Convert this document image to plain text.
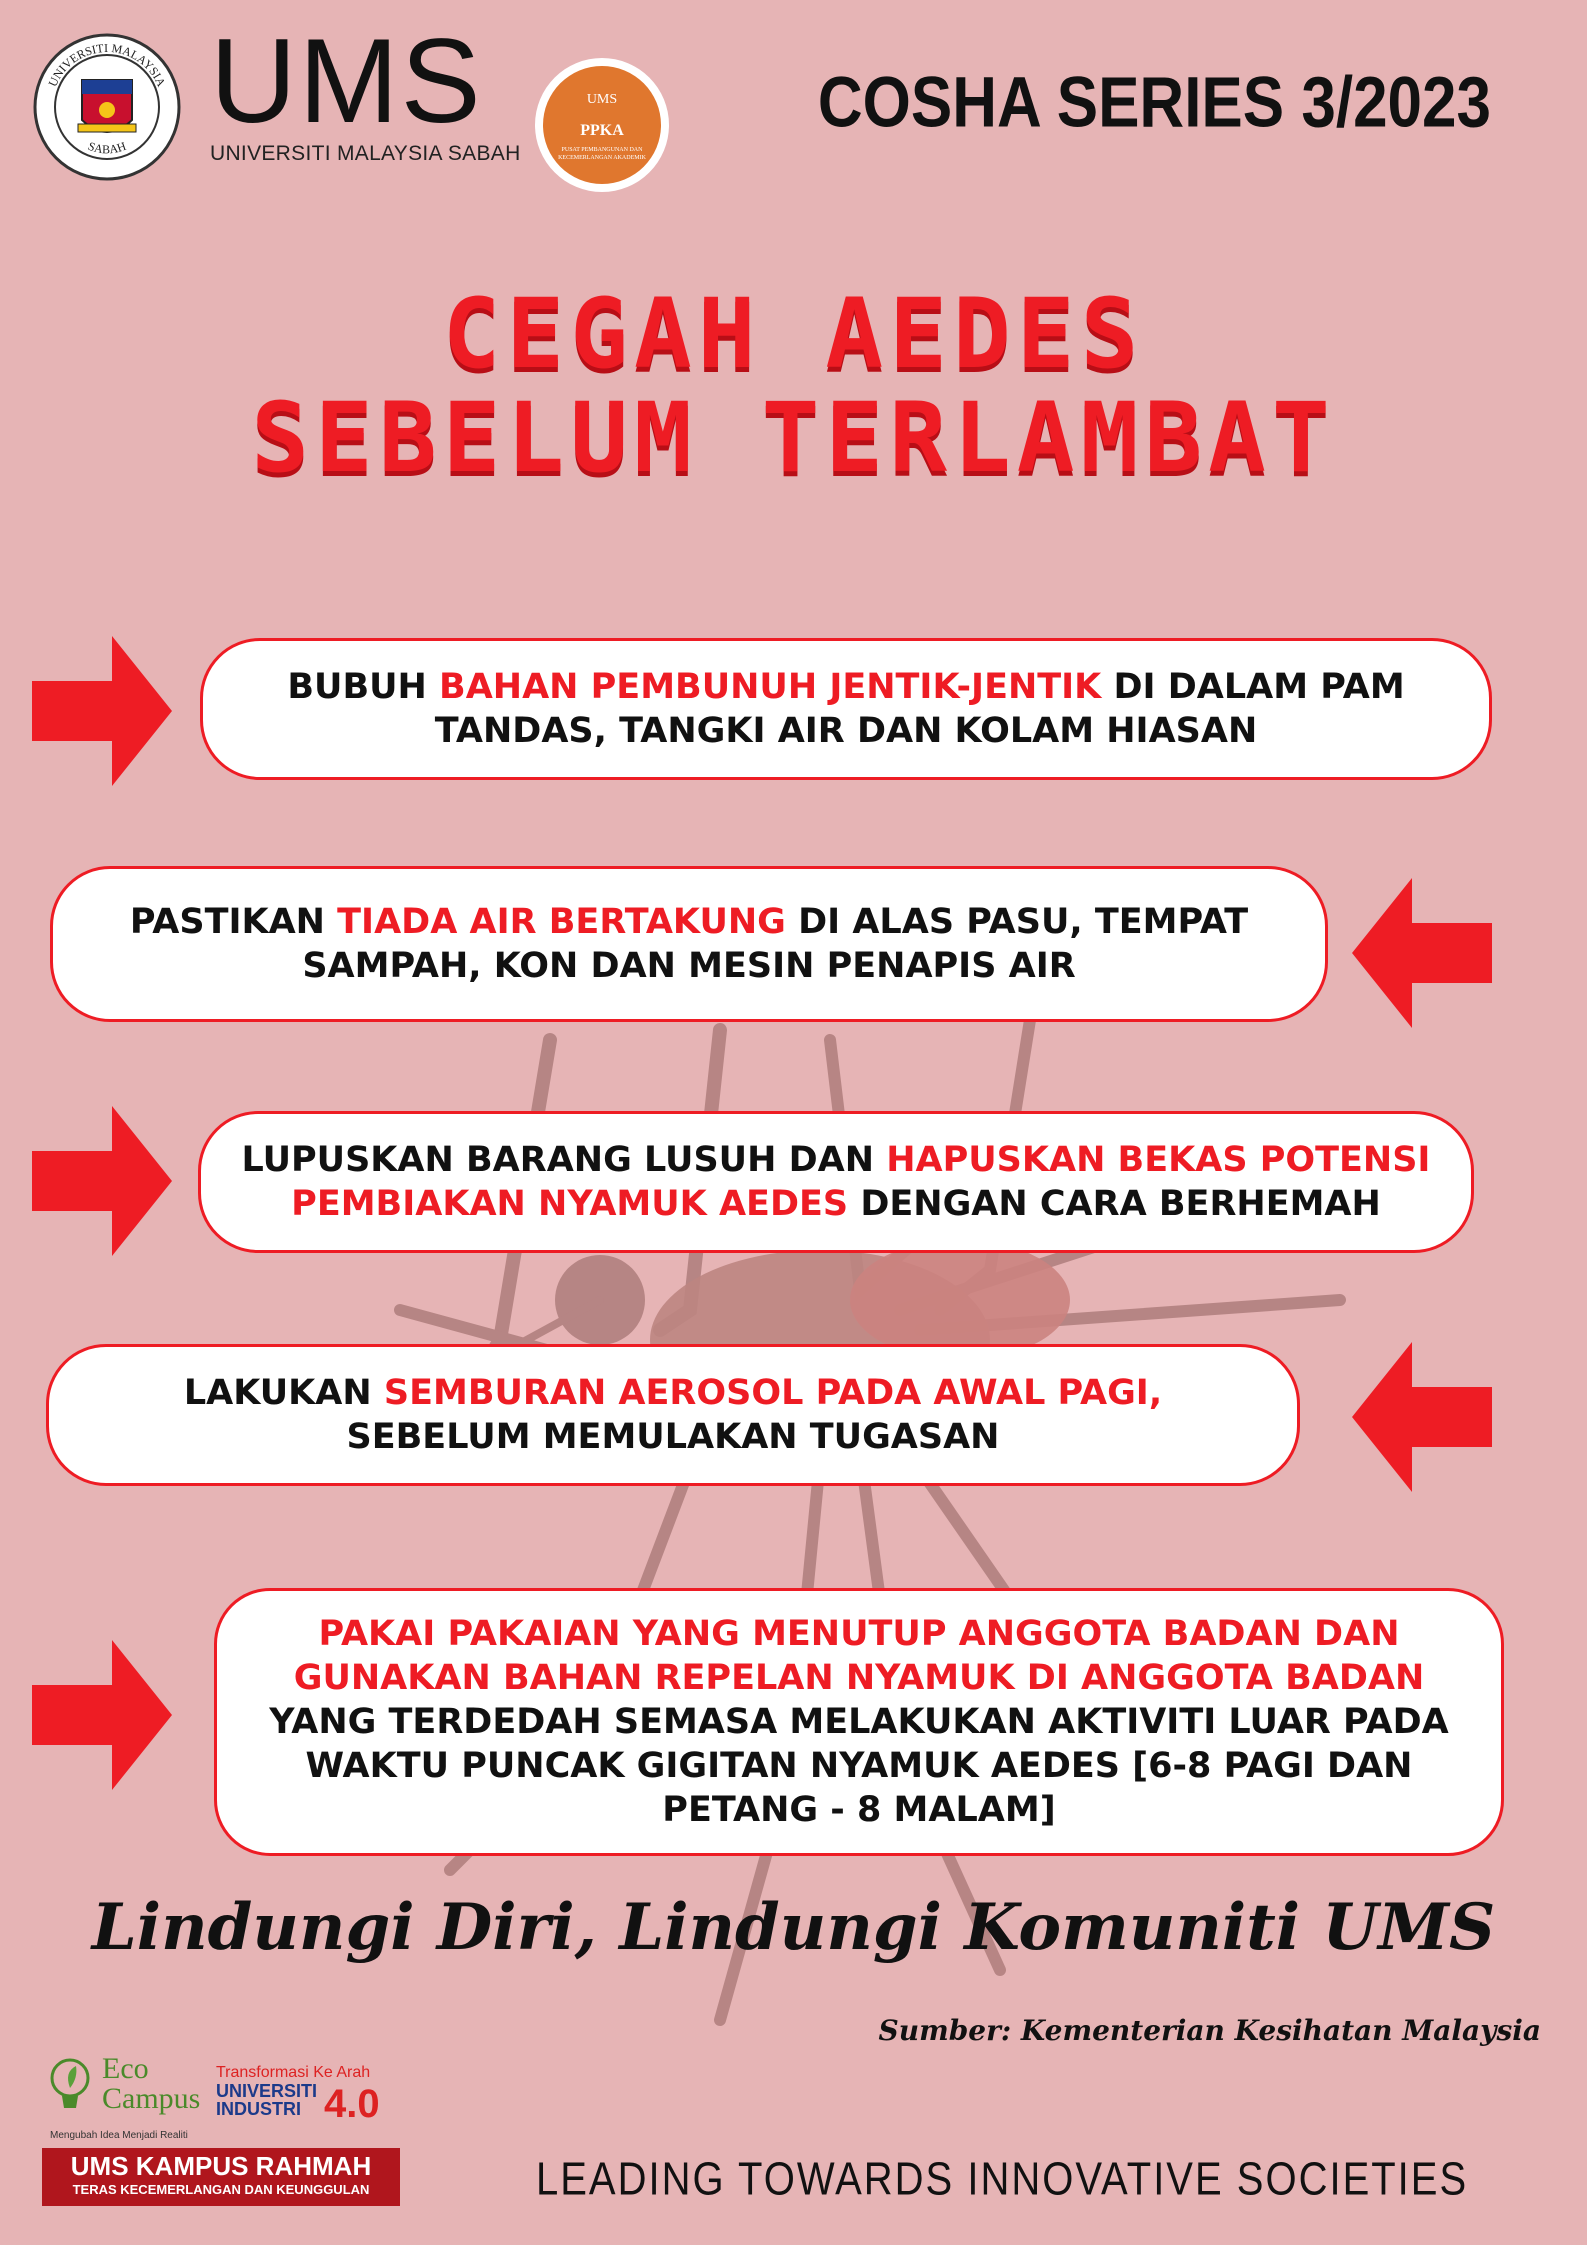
UNIVERSITI MALAYSIA
SABAH UMS
UNIVERSITI MALAYSIA SABAH
UMS
PPKA
PUSAT PEMBANGUNAN DAN KECEMERLANGAN AKADEMIK
COSHA SERIES 3/2023
CEGAH AEDES
SEBELUM TERLAMBAT
BUBUH BAHAN PEMBUNUH JENTIK-JENTIK DI DALAM PAM TANDAS, TANGKI AIR DAN KOLAM HIASAN
PASTIKAN TIADA AIR BERTAKUNG DI ALAS PASU, TEMPAT SAMPAH, KON DAN MESIN PENAPIS AIR
LUPUSKAN BARANG LUSUH DAN HAPUSKAN BEKAS POTENSI PEMBIAKAN NYAMUK AEDES DENGAN CARA BERHEMAH
LAKUKAN SEMBURAN AEROSOL PADA AWAL PAGI, SEBELUM MEMULAKAN TUGASAN
PAKAI PAKAIAN YANG MENUTUP ANGGOTA BADAN DAN GUNAKAN BAHAN REPELAN NYAMUK DI ANGGOTA BADAN YANG TERDEDAH SEMASA MELAKUKAN AKTIVITI LUAR PADA WAKTU PUNCAK GIGITAN NYAMUK AEDES [6-8 PAGI DAN PETANG - 8 MALAM]
Lindungi Diri, Lindungi Komuniti UMS
Sumber: Kementerian Kesihatan Malaysia
Eco
Campus
Mengubah Idea Menjadi Realiti
Transformasi Ke Arah
UNIVERSITI
INDUSTRI 4.0
UMS KAMPUS RAHMAH
TERAS KECEMERLANGAN DAN KEUNGGULAN	LEADING TOWARDS INNOVATIVE SOCIETIES
